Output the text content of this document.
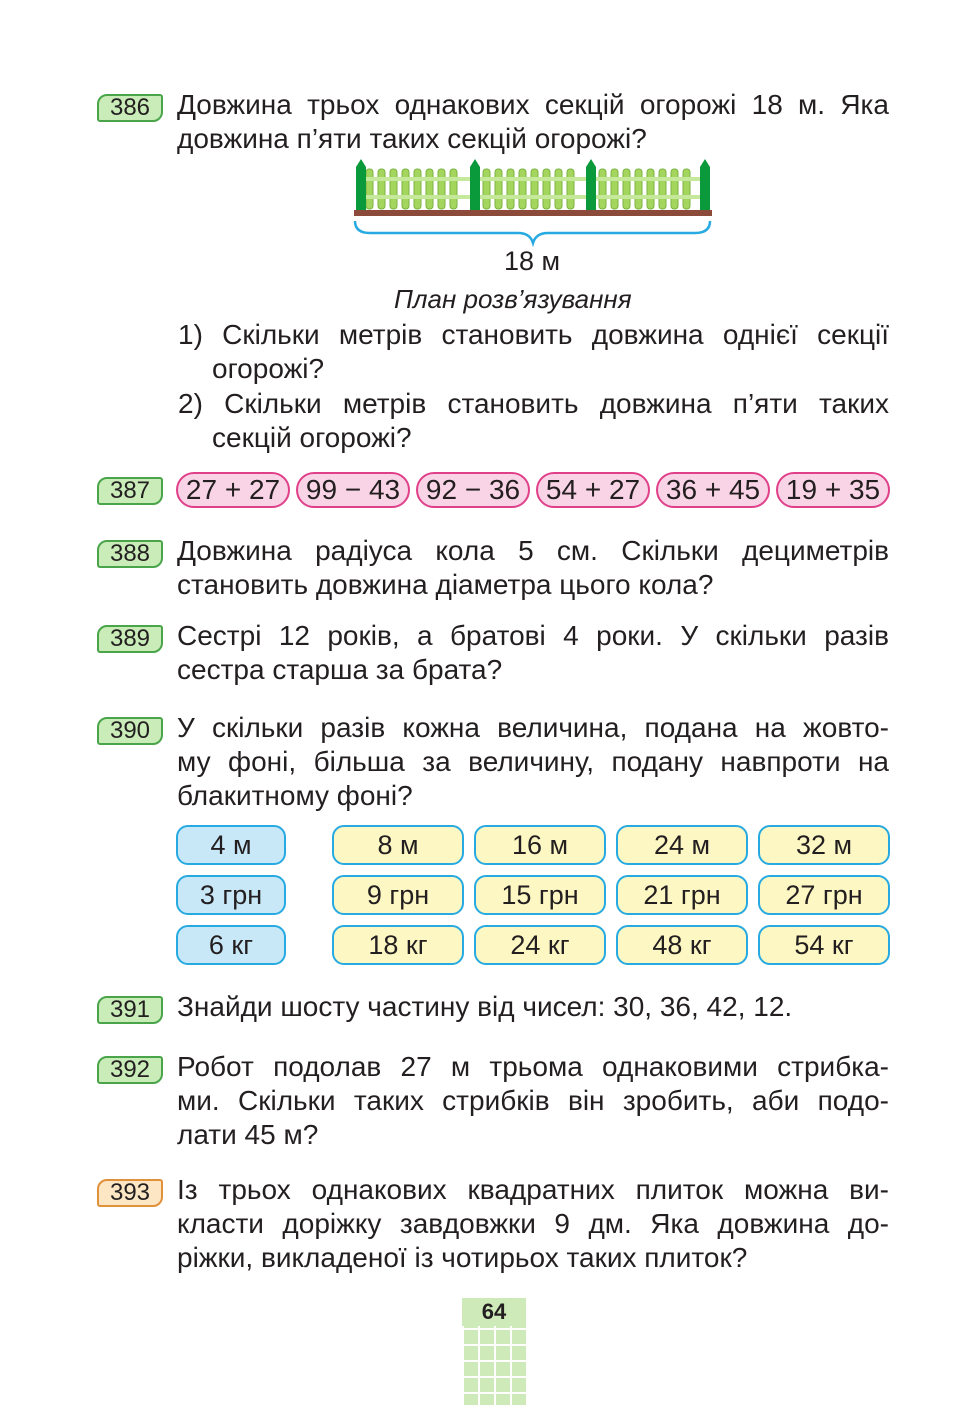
386 Довжина трьох однакових секцій огорожі 18 м. Яка
довжина п’яти таких секцій огорожі?
18 м
План розв’язування
1) Скільки метрів становить довжина однієї секції
огорожі?
2) Скільки метрів становить довжина п’яти таких
секцій огорожі?
387	27 + 27 99 − 43 92 − 36 54 + 27 36 + 45 19 + 35
388 Довжина радіуса кола 5 см. Скільки дециметрів
становить довжина діаметра цього кола?
389 Сестрі 12 років, а братові 4 роки. У скільки разів
сестра старша за брата?
390 У скільки разів кожна величина, подана на жовто-
му фоні, більша за величину, подану навпроти на
блакитному фоні?
4 м	8 м	16 м	24 м	32 м
3 грн	9 грн	15 грн	21 грн	27 грн
6 кг	18 кг	24 кг	48 кг	54 кг
391 Знайди шосту частину від чисел: 30, 36, 42, 12.
392 Робот подолав 27 м трьома однаковими стрибка-
ми. Скільки таких стрибків він зробить, аби подо-
лати 45 м?
393 Із трьох однакових квадратних плиток можна ви-
класти доріжку завдовжки 9 дм. Яка довжина до-
ріжки, викладеної із чотирьох таких плиток?
64
